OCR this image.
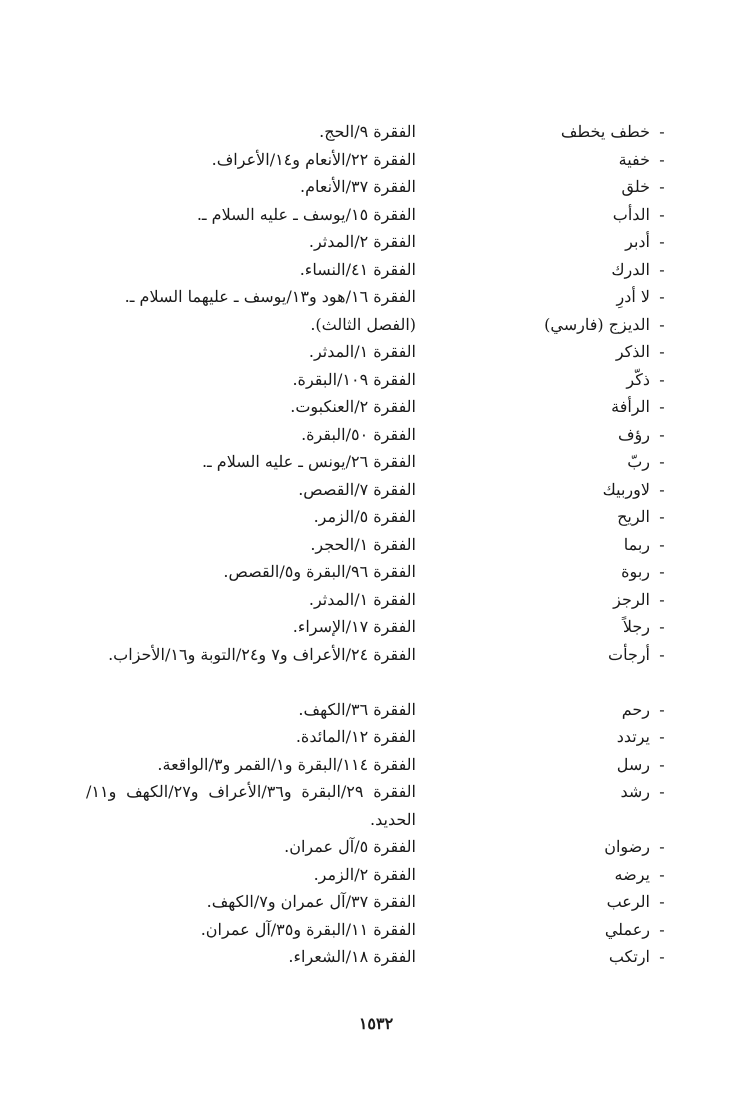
-
خطف يخطف
الفقرة ٩/الحج.
-
خفية
الفقرة ٢٢/الأنعام و١٤/الأعراف.
-
خلق
الفقرة ٣٧/الأنعام.
-
الدأب
الفقرة ١٥/يوسف ـ عليه السلام ـ.
-
أدبر
الفقرة ٢/المدثر.
-
الدرك
الفقرة ٤١/النساء.
-
لا أدرِ
الفقرة ١٦/هود و١٣/يوسف ـ عليهما السلام ـ.
-
الديزج (فارسي)
(الفصل الثالث).
-
الذكر
الفقرة ١/المدثر.
-
ذكّر
الفقرة ١٠٩/البقرة.
-
الرأفة
الفقرة ٢/العنكبوت.
-
رؤف
الفقرة ٥٠/البقرة.
-
ربّ
الفقرة ٢٦/يونس ـ عليه السلام ـ.
-
لاوربيك
الفقرة ٧/القصص.
-
الريح
الفقرة ٥/الزمر.
-
ربما
الفقرة ١/الحجر.
-
ربوة
الفقرة ٩٦/البقرة و٥/القصص.
-
الرجز
الفقرة ١/المدثر.
-
رجلاً
الفقرة ١٧/الإسراء.
-
أرجأت
الفقرة ٢٤/الأعراف و٧ و٢٤/التوبة و١٦/الأحزاب.
-
رحم
الفقرة ٣٦/الكهف.
-
يرتدد
الفقرة ١٢/المائدة.
-
رسل
الفقرة ١١٤/البقرة و١/القمر و٣/الواقعة.
-
رشد
الفقرة ٢٩/البقرة و٣٦/الأعراف و٢٧/الكهف و١١/الحديد.
-
رضوان
الفقرة ٥/آل عمران.
-
يرضه
الفقرة ٢/الزمر.
-
الرعب
الفقرة ٣٧/آل عمران و٧/الكهف.
-
رعملي
الفقرة ١١/البقرة و٣٥/آل عمران.
-
ارتكب
الفقرة ١٨/الشعراء.
١٥٣٢
